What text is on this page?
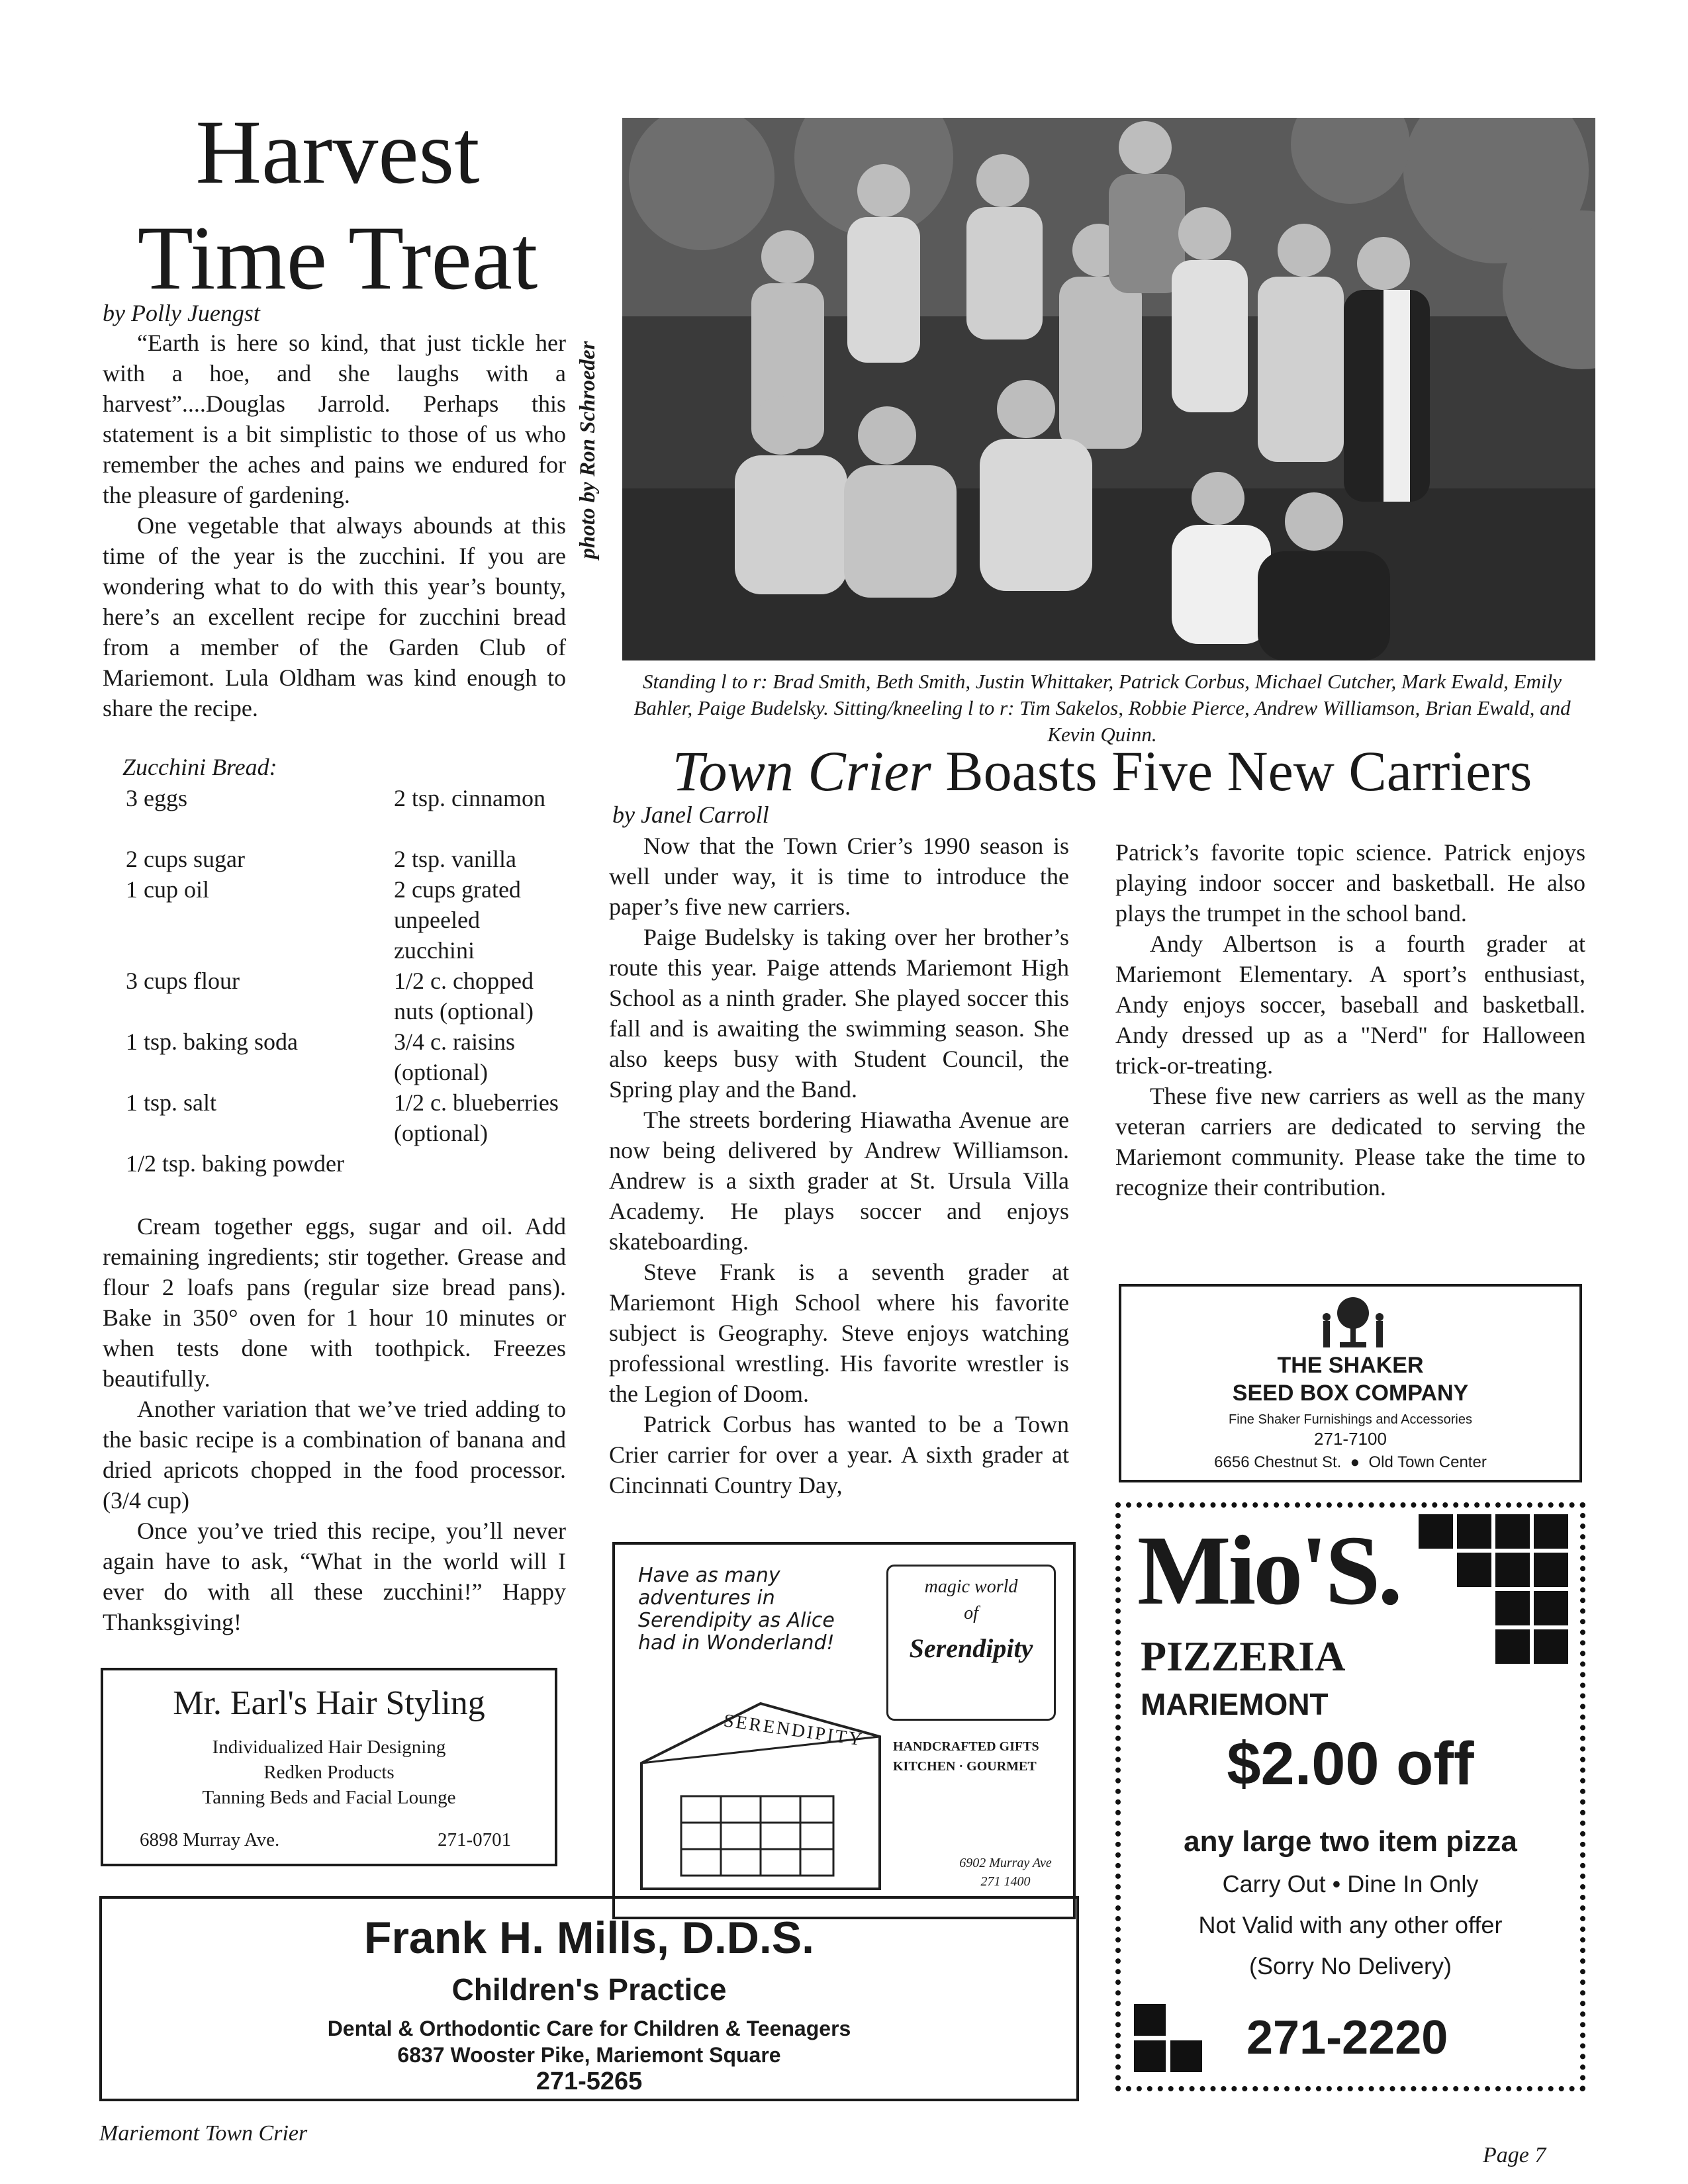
Harvest
Time Treat
by Polly Juengst

“Earth is here so kind, that just tickle her with a hoe, and she laughs with a harvest”....Douglas Jarrold. Perhaps this statement is a bit simplistic to those of us who remember the aches and pains we endured for the pleasure of gardening.

One vegetable that always abounds at this time of the year is the zucchini. If you are wondering what to do with this year’s bounty, here’s an excellent recipe for zucchini bread from a member of the Garden Club of Mariemont. Lula Oldham was kind enough to share the recipe.

Zucchini Bread:
3 eggs
2 cups sugar
1 cup oil
3 cups flour
1 tsp. baking soda
1 tsp. salt
1/2 tsp. baking powder
2 tsp. cinnamon
2 tsp. vanilla
2 cups grated unpeeled zucchini
1/2 c. chopped nuts (optional)
3/4 c. raisins (optional)
1/2 c. blueberries (optional)

Cream together eggs, sugar and oil. Add remaining ingredients; stir together. Grease and flour 2 loafs pans (regular size bread pans). Bake in 350° oven for 1 hour 10 minutes or when tests done with toothpick. Freezes beautifully.

Another variation that we’ve tried adding to the basic recipe is a combination of banana and dried apricots chopped in the food processor. (3/4 cup)

Once you’ve tried this recipe, you’ll never again have to ask, “What in the world will I ever do with all these zucchini!” Happy Thanksgiving!

photo by Ron Schroeder
Standing l to r: Brad Smith, Beth Smith, Justin Whittaker, Patrick Corbus, Michael Cutcher, Mark Ewald, Emily Bahler, Paige Budelsky. Sitting/kneeling l to r: Tim Sakelos, Robbie Pierce, Andrew Williamson, Brian Ewald, and Kevin Quinn.
Town Crier Boasts Five New Carriers
by Janel Carroll

Now that the Town Crier’s 1990 season is well under way, it is time to introduce the paper’s five new carriers.

Paige Budelsky is taking over her brother’s route this year. Paige attends Mariemont High School as a ninth grader. She played soccer this fall and is awaiting the swimming season. She also keeps busy with Student Council, the Spring play and the Band.

The streets bordering Hiawatha Avenue are now being delivered by Andrew Williamson. Andrew is a sixth grader at St. Ursula Villa Academy. He plays soccer and enjoys skateboarding.

Steve Frank is a seventh grader at Mariemont High School where his favorite subject is Geography. Steve enjoys watching professional wrestling. His favorite wrestler is the Legion of Doom.

Patrick Corbus has wanted to be a Town Crier carrier for over a year. A sixth grader at Cincinnati Country Day,

Patrick’s favorite topic science. Patrick enjoys playing indoor soccer and basketball. He also plays the trumpet in the school band.

Andy Albertson is a fourth grader at Mariemont Elementary. A sport’s enthusiast, Andy enjoys soccer, baseball and basketball. Andy dressed up as a "Nerd" for Halloween trick-or-treating.

These five new carriers as well as the many veteran carriers are dedicated to serving the Mariemont community. Please take the time to recognize their contribution.

THE SHAKER
SEED BOX COMPANY
Fine Shaker Furnishings and Accessories
271-7100
6656 Chestnut St.  ●  Old Town Center
Mio'S.
PIZZERIA
MARIEMONT
$2.00 off
any large two item pizza
Carry Out • Dine In Only
Not Valid with any other offer
(Sorry No Delivery)
271-2220
Have as many adventures in Serendipity as Alice had in Wonderland!
magic world
of
Serendipity
SERENDIPITY	HANDCRAFTED GIFTS
KITCHEN · GOURMET
6902 Murray Ave
271 1400
Mr. Earl's Hair Styling
Individualized Hair Designing
Redken Products
Tanning Beds and Facial Lounge
6898 Murray Ave.	271-0701
Frank H. Mills, D.D.S.
Children's Practice
Dental & Orthodontic Care for Children & Teenagers
6837 Wooster Pike, Mariemont Square
271-5265
Mariemont Town Crier
Page 7
